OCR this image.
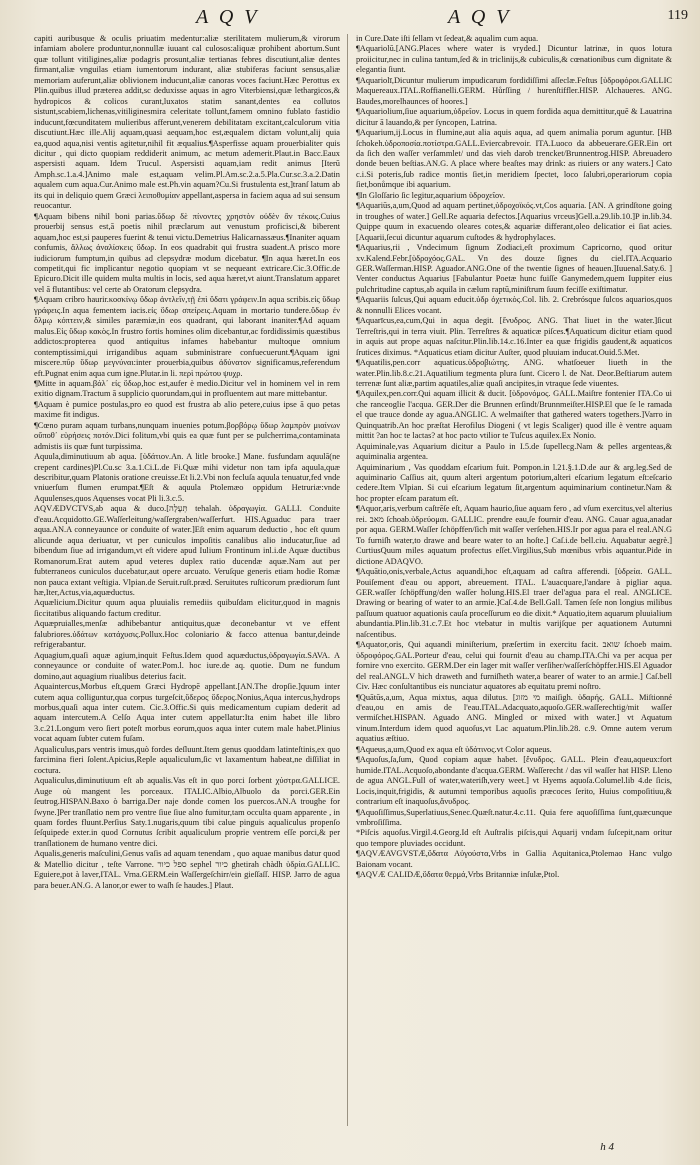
A Q V	A Q V	119

capiti auribusque & oculis priuatim medentur:aliæ sterilitatem mulierum,& virorum infamiam abolere produntur,nonnullæ iuuant cal culosos:aliquæ prohibent abortum.Sunt quæ tollunt vitiligines,aliæ podagris prosunt,aliæ tertianas febres discutiunt,aliæ dentes firmant,aliæ vnguilas etiam iumentorum indurant, aliæ stubiferas faciunt sensus,aliæ memoriam auferunt,aliæ oblivionem inducunt,aliæ canoras voces faciunt.Hæc Perottus ex Plin.quibus illud præterea addit,sc deduxisse aquas in agro Viterbiensi,quæ lethargicos,& hydropicos & colicos curant,luxatos statim sanant,dentes ea collutos sistunt,scabiem,lichenas,vitiliginesmira celeritate tollunt,famem omnino fublato fastidio inducunt,fœcunditatem mulieribus afferunt,venerem debilitatam excitant,calculorum vitia discutiunt.Hæc ille.Alij aquam,quasi aequam,hoc est,æqualem dictam volunt,alij quia ea,quod aqua,nisi ventis agitetur,nihil fit æqualius.¶Asperfisse aquam prouerbialiter quis dicitur , qui dicto quopiam reddiderit animum, ac metum ademerit.Plaut.in Bacc.Eaux aspersisti aquam. Idem Trucul. Aspersisti aquam,iam redit animus [Iterū Amph.sc.1.a.4.]Animo male est,aquam velim.Pl.Am.sc.2.a.5.Pla.Cur.sc.3.a.2.Datin aqualem cum aqua.Cur.Animo male est.Ph.vin aquam?Cu.Si frustulenta est,]tranſ latum ab its qui in deliquio quem Græci λειποθυμίαν appellant,aspersa in faciem aqua ad sui sensum reuocantur.

¶Aquam bibens nihil boni parias.ὕδωρ δὲ πίνοντες χρηστὸν οὐδὲν ἂν τέκοις.Cuius prouerbij sensus est,ā poetis nihil præclarum aut venustum proficisci,& biberent aquam,hoc est,si pauperes fuerint & tenui victu.Demetrius Halicarnassæus.¶Inaniter aquam confumis, ἄλλως ἀναλίσκεις ὕδωρ. In eos quadrabit qui frustra suadent.A prisco more iudiciorum fumptum,in quibus ad clepsydræ modum dicebatur. ¶In aqua hæret.In eos competit,qui fic implicantur negotio quopiam vt se nequeant extricare.Cic.3.Offic.de Epicuro.Dicit ille quidem multa multis in locis, sed aqua hæret,vt aiunt.Translatum apparet vel ā flutantibus: vel certe ab Oratorum clepsydra.

¶Aquam cribro haurir.κοσκίνῳ ὕδωρ ἀντλεῖν,τῇ ἐπὶ ὕδατι γράφειν.In aqua scribis.εἰς ὕδωρ γράφεις.In aqua fementem iacis.εἰς ὕδωρ σπείρεις.Aquam in mortario tundere.ὕδωρ ἐν ὅλμῳ κόπτειν,& similes paræmiæ,in eos quadrant, qui laborant inaniter.¶Ad aquam malus.Εἰς ὕδωρ κακὸς.In frustro fortis homines olim dicebantur,ac fordidissimis quæstibus addictos:propterea quod antiquitus infames habebantur multoque omnium contemptissimi,qui irrigandibus aquam subministrare confuecuerunt.¶Aquam igni miscere.πῦρ ὕδωρ μεγνύναι:inter prouerbia,quibus ἀδύνατον significamus,referendum eft.Pugnat enim aqua cum igne.Plutar.in li. περὶ πρώτου ψυχρ.

¶Mitte in aquam.βάλ᾽ εἰς ὕδωρ,hoc est,aufer è medio.Dicitur vel in hominem vel in rem exitio dignam.Tractum ā supplicio quorundam,qui in profluentem aut mare mittebantur.

¶Aquam è pumice postulas,pro eo quod est frustra ab alio petere,cuius ipse ā quo petas maxime fit indigus.

¶Cœno puram aquam turbans,nunquam inuenies potum.βορβόρῳ ὕδωρ λαμπρὸν μιαίνων οὔποθ᾽ εὑρήσεις ποτόν.Dici folitum,vbi quis ea quæ funt per se pulcherrima,contaminata admistis iis quæ funt turpissima.

Aquula,diminutiuum ab aqua. [ὑδάτιον.An. A litle brooke.] Mane. fusfundam aquulā(ne crepent cardines)Pl.Cu.sc 3.a.1.Ci.L.de Fi.Quæ mihi videtur non tam ipfa aquula,quæ describitur,quam Platonis oratione creuisse.Et li.2.Vbi non fecluſa aquula tenuatur,fed vnde vniuerſum flumen erumpat.¶Eſt & aquula Ptolemæo oppidum Hetruriæ:vnde Aquulenses,quos Aquenses vocat Pli li.3.c.5.

AQVÆDVCTVS,ab aqua & duco.[תְּעָלָה tehalah. ὑδραγωγία. GALLI. Conduite d'eau.Acquidotto.GE.Waſſerleitung/waſſergraben/waſſerfurt. HIS.Aguaduc para traer aqua.AN.A conneyaunce or conduite of water.]Eſt enim aquarum deductio , hoc eſt quum alicunde aqua deriuatur, vt per cuniculos impoſitis canalibus alio inducatur,ſiue ad bibendum ſiue ad irrigandum,vt eſt videre apud Iulium Frontinum inl.i.de Aquæ ductibus Romanorum.Erat autem apud veteres duplex ratio ducendæ aquæ.Nam aut per fubterraneos cuniculos ducebatur,aut opere arcuato. Veruſque generis etiam hodie Romæ non pauca extant veſtigia. Vlpian.de Seruit.ruſt.præd. Seruitutes ruſticorum prædiorum ſunt hæ,Iter,Actus,via,aquæductus.

Aquælicium.Dicitur quum aqua pluuialis remediis quibuſdam elicitur,quod in magnis ſiccitatibus aliquando factum creditur.

Aquæpruialles,menſæ adhibebantur antiquitus,quæ deconebantur vt ve effent falubriores.ὑδάτων κατάχυσις.Pollux.Hoc coloniario & facco attenua bantur,deinde refrigerabantur.

Aquagium,quaſi aquæ agium,inquit Feſtus.Idem quod aquæductus,ὑδραγωγία.SAVA. A conneyaunce or conduite of water.Pom.l. hoc iure.de aq. quotie. Dum ne fundum domino,aut aquagium riualibus deterius facit.

Aquaintercus,Morbus eſt,quem Græci Hydropē appellant.[AN.The dropſie.]quum inter cutem aqua colliguntur,qua corpus turgeſcit,ὕδερος ὕδερος.Nonius,Aqua intercus,hydrops morbus,quaſi aqua inter cutem. Cic.3.Offic.Si quis medicamentum cupiam dederit ad aquam intercutem.A Celſo Aqua inter cutem appellatur:Ita enim habet ille libro 3.c.21.Longum vero ſiert poteſt morbus eorum,quos aqua inter cutem male habet.Plinius vocat aquam ſubter cutem fuſam.

Aqualiculus,pars ventris imus,quò fordes deſluunt.Item genus quoddam latinteſtinis,ex quo farcimina fieri ſolent.Apicius,Reple aqualiculum,ſic vt laxamentum habeat,ne diſſiliat in coctura.

Aqualiculus,diminutiuum eſt ab aqualis.Vas eſt in quo porci ſorbent χύστρα.GALLICE. Auge où mangent les porceaux. ITALIC.Albio,Albuolo da porci.GER.Ein ſeutrog.HISPAN.Baxo ò barriga.Der naje donde comen los puercos.AN.A troughe for ſwyne.]Per tranſlatio nem pro ventre ſiue ſiue alno fumitur,tam occulta quam apparente , in quam fordes fluunt.Perſius Saty.1.nugaris,quum tibi calue pinguis aqualiculus propenſo ſeſquipede exter.in quod Cornutus ſcribit aqualiculum proprie ventrem eſſe porci,& per tranſlationem de humano ventre dici.

Aqualis,generis maſculini,Genus vaſis ad aquam tenendam , quo aquae manibus datur quod & Matellio dicitur , teſte Varrone. ספל כיור sephel כיור ghetirah chàdh ὑδρία.GALLIC. Eguiere,pot à laver,ITAL. Vrna.GERM.ein Waſſergeſchirr/ein gieſſaſſ. HISP. Jarro de agua para beuer.AN.G. A lanor,or ewer to waſh ſe haudes.] Plaut.

in Cure.Date iſti ſellam vt ſedeat,& aqualim cum aqua.

¶Aquariolū.[ANG.Places where water is vryded.] Dicuntur latrinæ, in quos lotura proiicitur,nec in culina tantum,ſed & in triclinijs,& cubiculis,& cœnationibus cum dignitate & elegantia ſiunt.

¶Aquariolī,Dicuntur mulierum impudicarum fordidiſſimi aſſeclæ.Feſtus [ὑδροφόροι.GALLIC Maquereaux.ITAL.Roffianelli.GERM. Hůrſſing / hurenſtiffler.HISP. Alchaueres. ANG. Baudes,morelhaunces of hoores.]

¶Aquariolium,ſiue aquarium,ὑδρεῖον. Locus in quem fordida aqua demittitur,quē & Lauatrina dicitur ā lauando,& per ſyncopen, Latrina.

¶Aquarium,ij.Locus in flumine,aut alia aquis aqua, ad quem animalia porum aguntur. [ΗΒ ſchokeh.ὑδροποσία.ποτίστρα.GALL.Eviercabrevoir. ITA.Luoco da abbeuerare.GER.Ein ort da ſich den waſſer verſammlet/ und das vieh darob trencket/Brunnentrog.HISP. Abreuadero donde beuen beſtias.AN.G. A place where beaſtes may drink: as riuiers or any waters.] Cato c.i.Si poteris,ſub radice montis ſiet,in meridiem ſpectet, loco ſalubri,operariorum copia ſiet,bonůmque ibi aquarium.

¶In Gloſſario ſic legitur,aquarium ὑδροχεῖον.

¶Aquariūs,a,um,Quod ad aquam pertinet,ὑδροχοϊκός.vt,Cos aquaria. [AN. A grindſtone going in troughes of water.] Gell.Re aquaria defectos.[Aquarius vrceus]Gell.a.29.lib.10.]P in.lib.34. Quippe quum in exacuendo oleares cotes,& aquariæ differant,oleo delicatior ei ſiat acies.[Aquarii,ſecui dicuntur aquarum cuſtodes & hydrophylaces.

¶Aquarius,rii , Vndecimum ſignum Zodiaci,eſt proximum Capricorno, quod oritur xv.Kalend.Febr.[ὑδροχόος.GAL. Vn des douze ſignes du ciel.ITA.Acquario GER.Waſſerman.HISP. Aguador.ANG.One of the twentie ſignes of heauen.]Iuuenal.Saty.6. ] Venter conductus Aquarius [Fabulantur Poetæ hunc fuiſſe Ganymedem,quem Iuppiter eius pulchritudine captus,ab aquila in cælum raptū,miniſtrum ſuum feciſſe exiſtimatur.

¶Aquariis ſulcus,Qui aquam educit.ὑδρ ὀχετικὸς.Col. lib. 2. Crebrósque ſulcos aquarios,quos & nonnulli Elices vocant.

¶Aquarīcus,ea,cum,Qui in aqua degit. [ἔνυδρος. ANG. That liuet in the water.]ſicut Terreſtris,qui in terra viuit. Plin. Terreſtres & aquaticæ piſces.¶Aquaticum dicitur etiam quod in aquis aut prope aquas naſcitur.Plin.lib.14.c.16.Inter ea quæ frigidis gaudent,& aquaticos ſrutices diximus. *Aquaticus etiam dicitur Auſter, quod pluuiam inducat.Ouid.5.Met.

¶Aquatilis,pen.corr aquaticus.ὑδροβιώτης. ANG. whatſoeuer liueth in the water.Plin.lib.8.c.21.Aquatilium tegmenta plura ſunt. Cicero l. de Nat. Deor.Beſtiarum autem terrenæ ſunt aliæ,partim aquatiles,aliæ quaſi ancipites,in vtraque ſede viuentes.

¶Aquilex,pen.corr.Qui aquam illicit & ducit. [ὑδρονόμος. GALL.Maiſtre fontenier ITA.Co ui che ranceoglie l'acqua. GER.Der die Brunnen erſindt/Brunnmeiſter.HISP.El que ſe le ramada el que trauce donde ay agua.ANGLIC. A welmaiſter that gathered waters togethers.]Varro in Quinquatrib.An hoc præſtat Herofilus Diogeni ( vt legis Scaliger) quod ille è ventre aquam mittit ?an hoc te lactas? at hoc pacto vtilior te Tuſcus aquilex.Ex Nonio.

Aquiminale,vas Aquarium dicitur a Paulo in I.5.de ſupellecg.Nam & pelles argenteas,& aquiminalia argentea.

Aquiminarium , Vas quoddam eſcarium fuit. Pompon.in l.21.§.1.D.de aur & arg.leg.Sed de aquiminario Caſſius ait, quum alteri argentum potorium,alteri eſcarium legatum eſt:eſcario cedere.Item Vlpian. Si cui eſcarium legatum ſit,argentum aquiminarium continetur.Nam & hoc propter eſcam paratum eſt.

¶Aquor,aris,verbum caſtrēſe eſt, Aquam haurio,ſiue aquam fero , ad vſum exercitus,vel alterius rei. מאב ſchoab.ὑδρεύομαι. GALLIC. prendre eau,ſe fournir d'eau. ANG. Cauar agua,anadar por aqua. GERM.Waſſer ſchöpffen/ſich mit waſſer verſehen.HIS.Ir por agua para el real.AN.G To furniſh water,to drawe and beare water to an hoſte.] Caſ.i.de bell.ciu. Aquabatur aegrè.] CurtiusQuum miles aquatum profectus eſſet.Virgilius,Sub mœnibus vrbis aquantur.Pide in dictione ADAQVO.

¶Aquātio,onis,verbale,Actus aquandi,hoc eſt,aquam ad caſtra afferendi. [ὑδρεία. GALL. Pouiſement d'eau ou apport, abreuement. ITAL. L'auacquare,l'andare à pigliar aqua. GER.waſſer ſchöpffung/den waſſer holung.HIS.El traer del'agua para el real. ANGLICE. Drawing or bearing of water to an armie.]Caſ.4.de Bell.Gall. Tamen ſeſe non longius milibus paſſuum quatuor aquationis cauſa proceſſurum eo die dixit.* Aquatio,item aquarum pluuialium abundantia.Plin.lib.31.c.7.Et hoc vtebatur in multis varijſque per aquationem Autumni naſcentibus.

¶Aquator,oris, Qui aquandi miniſterium, præſertim in exercitu facit. שואב ſchoeb maim. ὑδροφόρος.GAL.Porteur d'eau, celui qui fournit d'eau au champ.ITA.Chi va per acqua per fornire vno exercito. GERM.Der ein lager mit waſſer verſiher/waſſerſchöpffer.HIS.El Aguador del real.ANGL.V hich draweth and furniſheth water,a bearer of water to an armie.] Caſ.bell Civ. Hæc conſultantibus eis nunciatur aquatores ab equitatu premi noſtro.

¶Quātūs,a,um, Aqua mixtus, aqua dilutus. [מי מזוג maiſigh. ὑδαρής. GALL. Miſtionné d'eau,ou en amis de l'eau.ITAL.Adacquato,aquoſo.GER.waſſerechtig/mit waſſer vermiſchet.HISPAN. Aguado ANG. Mingled or mixed with water.] vt Aquatum vinum.Interdum idem quod aquoſus,vt Lac aquatum.Plin.lib.28. c.9. Omne autem verum aquatius æſtiuo.

¶Aqueus,a,um,Quod ex aqua eſt ὑδάτινος.vt Color aqueus.

¶Aquoſus,ſa,ſum, Quod copiam aquæ habet. [ἔνυδρος. GALL. Plein d'eau,aqueux:fort humide.ITAL.Acquoſo,abondante d'acqua.GERM. Waſſerecht / das vil waſſer hat HISP. Lleno de agua ANGL.Full of water,wateriſh,very weet.] vt Hyems aquoſa.Columel.lib 4.de ſicis, Locis,inquit,frigidis, & autumni temporibus aquoſis præcoces ſerito, Huius compoſitiuu,& contrarium eſt inaquoſus,ἄνυδρος.

¶Aquoſiſſimus,Superlatiuus,Senec.Quæſt.natur.4.c.11. Quia fere aquoſiſſima ſunt,quæcunque vmbroſiſſima.

*Piſcis aquoſus.Virgil.4.Georg.Id eſt Auſtralis piſcis,qui Aquarij vndam ſuſcepit,nam oritur quo tempore pluviades occidunt.

¶AQVÆAVGVSTÆ,ὕδατα Αὐγούστα,Vrbs in Gallia Aquitanica,Ptolemao Hanc vulgo Baionam vocant.

¶AQVÆ CALIDÆ,ὕδατα θερμά,Vrbs Britanniæ inſulæ,Ptol.

h 4
